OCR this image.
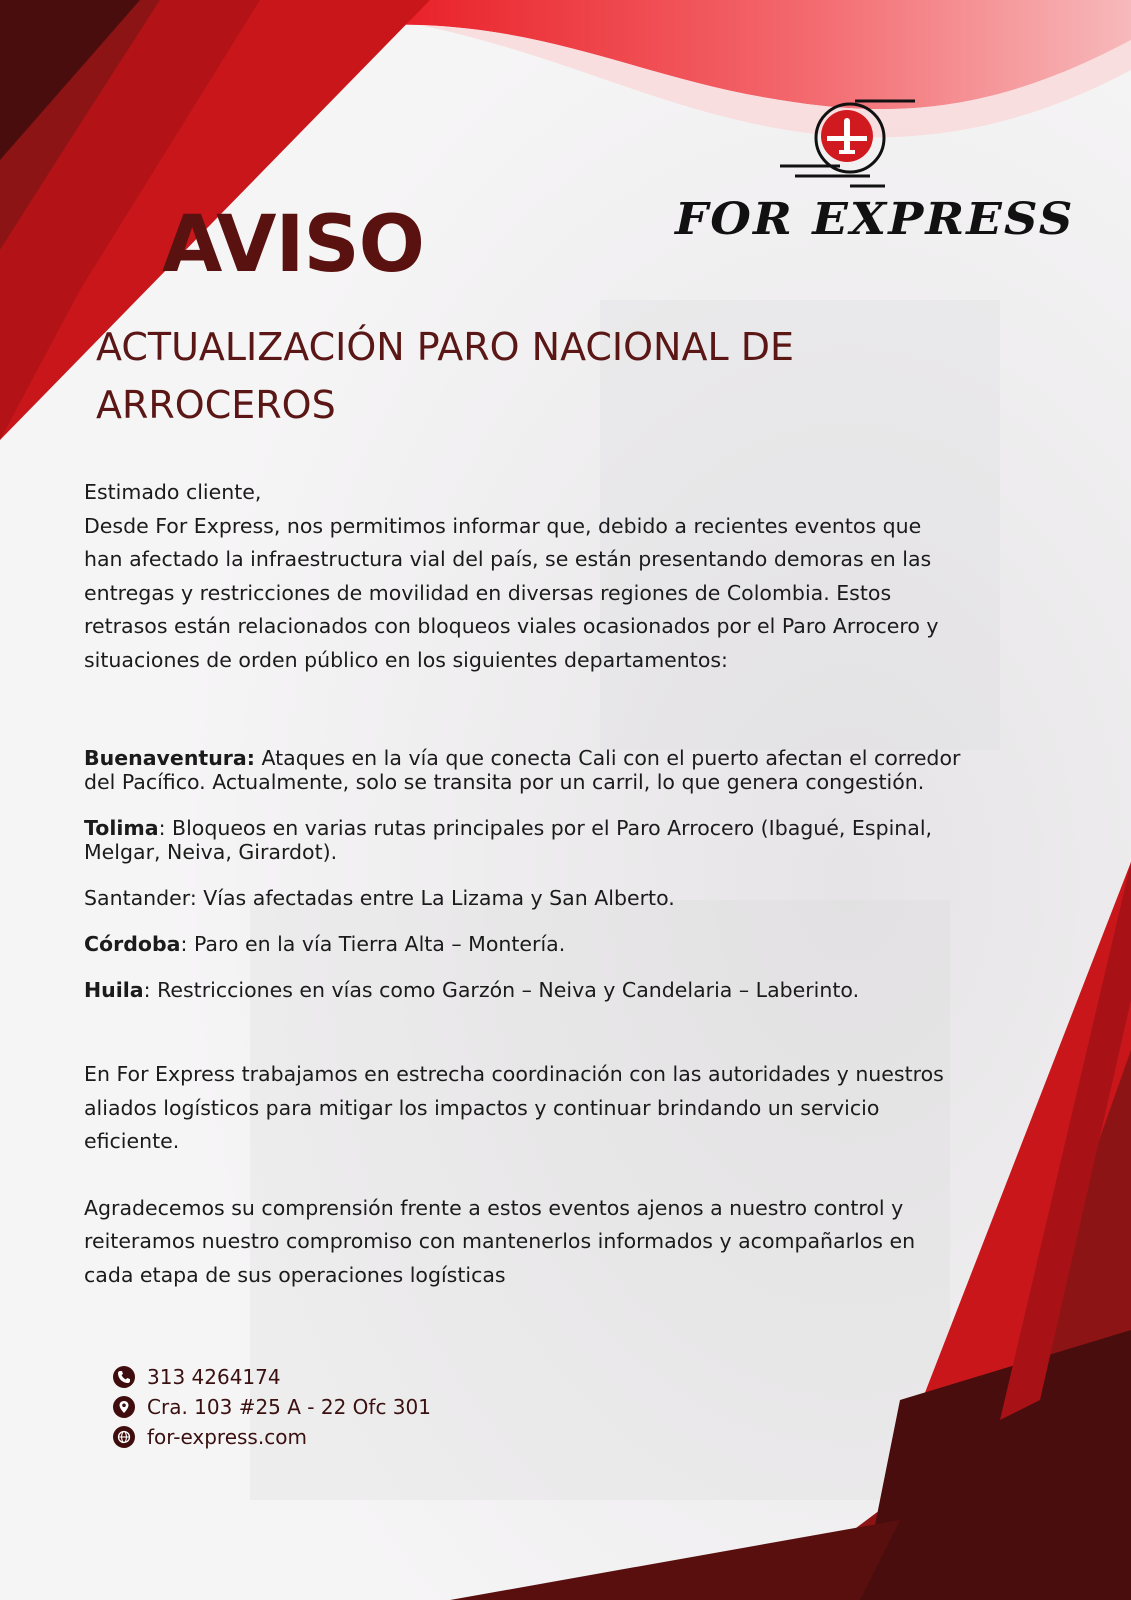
FOR EXPRESS
AVISO
ACTUALIZACIÓN PARO NACIONAL DE
ARROCEROS

Estimado cliente,

Desde For Express, nos permitimos informar que, debido a recientes eventos que han afectado la infraestructura vial del país, se están presentando demoras en las entregas y restricciones de movilidad en diversas regiones de Colombia. Estos retrasos están relacionados con bloqueos viales ocasionados por el Paro Arrocero y situaciones de orden público en los siguientes departamentos:

Buenaventura: Ataques en la vía que conecta Cali con el puerto afectan el corredor del Pacífico. Actualmente, solo se transita por un carril, lo que genera congestión.
Tolima: Bloqueos en varias rutas principales por el Paro Arrocero (Ibagué, Espinal, Melgar, Neiva, Girardot).
Santander: Vías afectadas entre La Lizama y San Alberto.
Córdoba: Paro en la vía Tierra Alta – Montería.
Huila: Restricciones en vías como Garzón – Neiva y Candelaria – Laberinto.

En For Express trabajamos en estrecha coordinación con las autoridades y nuestros aliados logísticos para mitigar los impactos y continuar brindando un servicio eficiente.

Agradecemos su comprensión frente a estos eventos ajenos a nuestro control y reiteramos nuestro compromiso con mantenerlos informados y acompañarlos en cada etapa de sus operaciones logísticas

313 4264174
Cra. 103 #25 A - 22 Ofc 301
for-express.com
